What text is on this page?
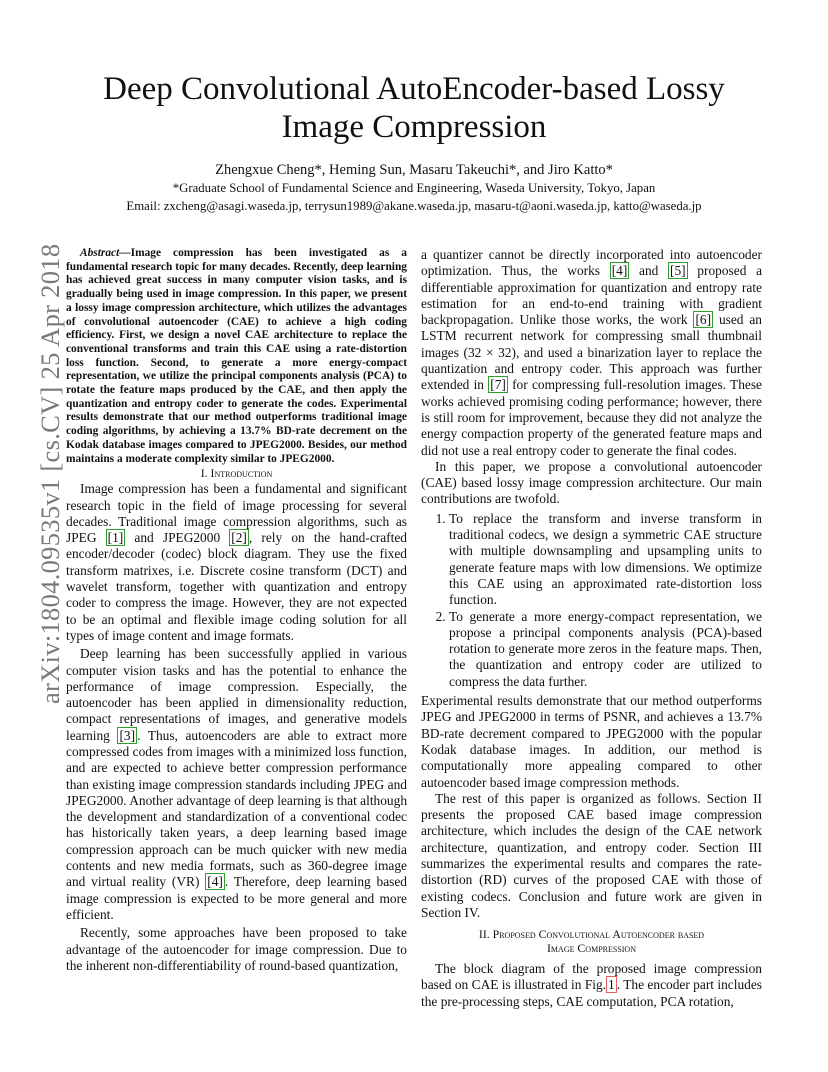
Deep Convolutional AutoEncoder-based Lossy Image Compression
Zhengxue Cheng*, Heming Sun, Masaru Takeuchi*, and Jiro Katto*
*Graduate School of Fundamental Science and Engineering, Waseda University, Tokyo, Japan
Email: zxcheng@asagi.waseda.jp, terrysun1989@akane.waseda.jp, masaru-t@aoni.waseda.jp, katto@waseda.jp
arXiv:1804.09535v1 [cs.CV] 25 Apr 2018	Abstract—Image compression has been investigated as a fundamental research topic for many decades. Recently, deep learning has achieved great success in many computer vision tasks, and is gradually being used in image compression. In this paper, we present a lossy image compression architecture, which utilizes the advantages of convolutional autoencoder (CAE) to achieve a high coding efficiency. First, we design a novel CAE architecture to replace the conventional transforms and train this CAE using a rate-distortion loss function. Second, to generate a more energy-compact representation, we utilize the principal components analysis (PCA) to rotate the feature maps produced by the CAE, and then apply the quantization and entropy coder to generate the codes. Experimental results demonstrate that our method outperforms traditional image coding algorithms, by achieving a 13.7% BD-rate decrement on the Kodak database images compared to JPEG2000. Besides, our method maintains a moderate complexity similar to JPEG2000.

I. Introduction

Image compression has been a fundamental and significant research topic in the field of image processing for several decades. Traditional image compression algorithms, such as JPEG [1] and JPEG2000 [2] , rely on the hand-crafted encoder/decoder (codec) block diagram. They use the fixed transform matrixes, i.e. Discrete cosine transform (DCT) and wavelet transform, together with quantization and entropy coder to compress the image. However, they are not expected to be an optimal and flexible image coding solution for all types of image content and image formats.

Deep learning has been successfully applied in various computer vision tasks and has the potential to enhance the performance of image compression. Especially, the autoencoder has been applied in dimensionality reduction, compact representations of images, and generative models learning [3] . Thus, autoencoders are able to extract more compressed codes from images with a minimized loss function, and are expected to achieve better compression performance than existing image compression standards including JPEG and JPEG2000. Another advantage of deep learning is that although the development and standardization of a conventional codec has historically taken years, a deep learning based image compression approach can be much quicker with new media contents and new media formats, such as 360-degree image and virtual reality (VR) [4] . Therefore, deep learning based image compression is expected to be more general and more efficient.

Recently, some approaches have been proposed to take advantage of the autoencoder for image compression. Due to the inherent non-differentiability of round-based quantization,

a quantizer cannot be directly incorporated into autoencoder optimization. Thus, the works [4] and [5] proposed a differentiable approximation for quantization and entropy rate estimation for an end-to-end training with gradient backpropagation. Unlike those works, the work [6] used an LSTM recurrent network for compressing small thumbnail images (32 × 32), and used a binarization layer to replace the quantization and entropy coder. This approach was further extended in [7] for compressing full-resolution images. These works achieved promising coding performance; however, there is still room for improvement, because they did not analyze the energy compaction property of the generated feature maps and did not use a real entropy coder to generate the final codes.

In this paper, we propose a convolutional autoencoder (CAE) based lossy image compression architecture. Our main contributions are twofold.

1. To replace the transform and inverse transform in traditional codecs, we design a symmetric CAE structure with multiple downsampling and upsampling units to generate feature maps with low dimensions. We optimize this CAE using an approximated rate-distortion loss function.
2. To generate a more energy-compact representation, we propose a principal components analysis (PCA)-based rotation to generate more zeros in the feature maps. Then, the quantization and entropy coder are utilized to compress the data further.

Experimental results demonstrate that our method outperforms JPEG and JPEG2000 in terms of PSNR, and achieves a 13.7% BD-rate decrement compared to JPEG2000 with the popular Kodak database images. In addition, our method is computationally more appealing compared to other autoencoder based image compression methods.

The rest of this paper is organized as follows. Section II presents the proposed CAE based image compression architecture, which includes the design of the CAE network architecture, quantization, and entropy coder. Section III summarizes the experimental results and compares the rate-distortion (RD) curves of the proposed CAE with those of existing codecs. Conclusion and future work are given in Section IV.

II. Proposed Convolutional Autoencoder based
Image Compression

The block diagram of the proposed image compression based on CAE is illustrated in Fig. 1 . The encoder part includes the pre-processing steps, CAE computation, PCA rotation,
